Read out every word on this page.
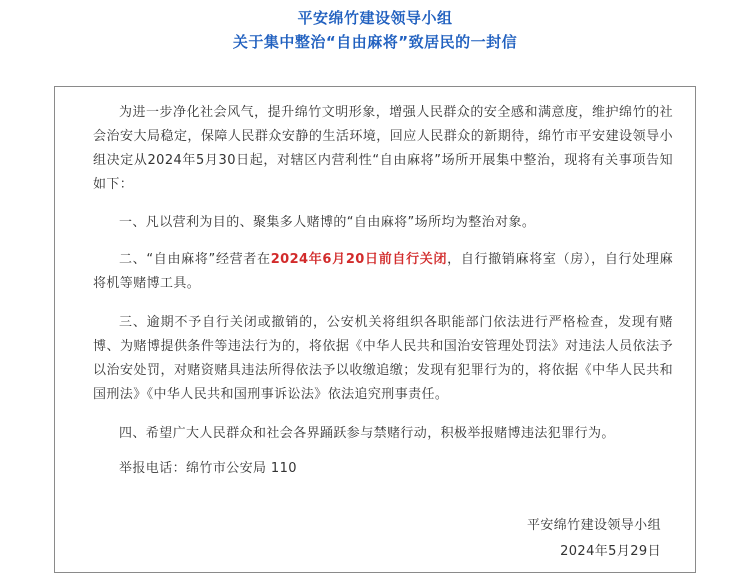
平安绵竹建设领导小组
关于集中整治“自由麻将”致居民的一封信
为进一步净化社会风气，提升绵竹文明形象，增强人民群众的安全感和满意度，维护绵竹的社会治安大局稳定，保障人民群众安静的生活环境，回应人民群众的新期待，绵竹市平安建设领导小组决定从2024年5月30日起，对辖区内营利性“自由麻将”场所开展集中整治，现将有关事项告知如下：
一、凡以营利为目的、聚集多人赌博的“自由麻将”场所均为整治对象。
二、“自由麻将”经营者在2024年6月20日前自行关闭，自行撤销麻将室（房），自行处理麻将机等赌博工具。
三、逾期不予自行关闭或撤销的，公安机关将组织各职能部门依法进行严格检查，发现有赌博、为赌博提供条件等违法行为的，将依据《中华人民共和国治安管理处罚法》对违法人员依法予以治安处罚，对赌资赌具违法所得依法予以收缴追缴；发现有犯罪行为的，将依据《中华人民共和国刑法》《中华人民共和国刑事诉讼法》依法追究刑事责任。
四、希望广大人民群众和社会各界踊跃参与禁赌行动，积极举报赌博违法犯罪行为。
举报电话：绵竹市公安局 110
平安绵竹建设领导小组
2024年5月29日
